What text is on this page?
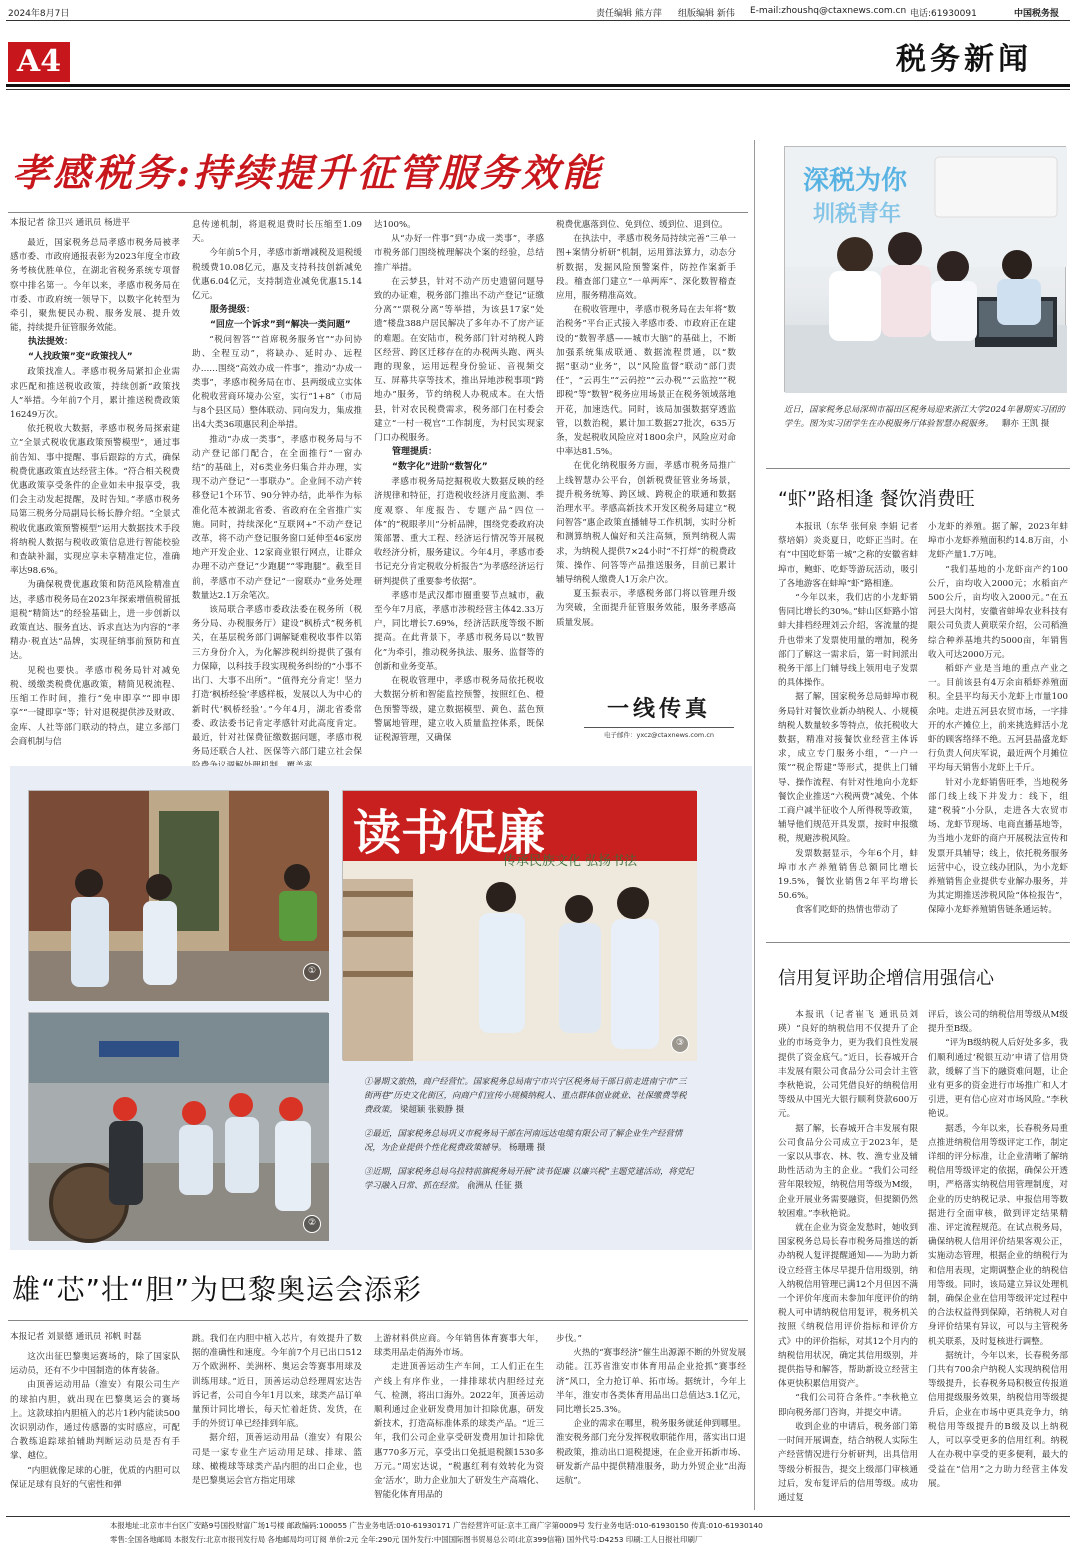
2024年8月7日	责任编辑 熊方萍 组版编辑 新伟 E-mail:zhoushq@ctaxnews.com.cn 电话:61930091	中国税务报
A4	税务新闻
孝感税务:持续提升征管服务效能
本报记者 徐卫兴 通讯员 杨进平

最近，国家税务总局孝感市税务局被孝感市委、市政府通报表彰为2023年度全市政务考核优胜单位，在湖北省税务系统专项督察中排名第一。今年以来，孝感市税务局在市委、市政府统一领导下，以数字化转型为牵引，聚焦便民办税、服务发展、提升效能，持续提升征管服务效能。

执法提效：

“人找政策”变“政策找人”

政策找准人。孝感市税务局紧扣企业需求匹配和推送税收政策，持续创新“政策找人”举措。今年前7个月，累计推送税费政策16249万次。

依托税收大数据，孝感市税务局探索建立“全景式税收优惠政策预警模型”，通过事前告知、事中提醒、事后跟踪的方式，确保税费优惠政策直达经营主体。“符合相关税费优惠政策享受条件的企业如未申报享受，我们会主动发起提醒，及时告知。”孝感市税务局第三税务分局副局长杨长静介绍。“全景式税收优惠政策预警模型”运用大数据技术手段将纳税人数据与税收政策信息进行智能校验和查缺补漏，实现应享未享精准定位，准确率达98.6%。

为确保税费优惠政策和防范风险精准直达，孝感市税务局在2023年探索增值税留抵退税“精简达”的经验基础上，进一步创新以政策直达、服务直达、诉求直达为内容的“孝精办·税直达”品牌，实现征纳事前预防和直达。

见税也要快。孝感市税务局针对减免税、缓缴类税费优惠政策，精简见税流程、压缩工作时间，推行“免申即享”“即申即享”“一键即享”等；针对退税提供涉及财政、金库、人社等部门联动的特点，建立多部门会商机制与信

息传递机制，将退税退费时长压缩至1.09天。

今年前5个月，孝感市新增减税及退税缓税缓费10.08亿元，惠及支持科技创新减免优惠6.04亿元，支持制造业减免优惠15.14亿元。

服务提级：

“回应一个诉求”到“解决一类问题”

“税问智答”“首席税务服务官”“办问协助、全程互动”，将缺办、延时办、远程办……围绕“高效办成一件事”，推动“办成一类事”，孝感市税务局在市、县两级成立实体化税收营商环境办公室，实行“1+8”（市局与8个县区局）整体联动、同向发力，集成推出4大类36项惠民利企举措。

推动“办成一类事”，孝感市税务局与不动产登记部门配合，在全面推行“一窗办结”的基础上，对6类业务归集合并办理，实现不动产登记“一事联办”。企业间不动产转移登记1个环节、90分钟办结，此举作为标准化范本被湖北省委、省政府在全省推广实施。同时，持续深化“互联网+”不动产登记改革，将不动产登记服务窗口延伸至46家房地产开发企业、12家商业银行网点，让群众办理不动产登记“少跑腿”“零跑腿”。截至目前，孝感市不动产登记“一窗联办”业务处理数量达2.1万余笔次。

该局联合孝感市委政法委在税务所（税务分局、办税服务厅）建设“枫桥式”税务机关，在基层税务部门调解疑难税收事件以第三方身份介入，为化解涉税纠纷提供了强有力保障，以科技手段实现税务纠纷的“小事不出门、大事不出所”。“值得充分肯定！坚力打造‘枫桥经验’孝感样板，发展以人为中心的新时代‘枫桥经验’。”今年4月，湖北省委常委、政法委书记肯定孝感针对此高度肯定。最近，针对社保费征缴数据问题，孝感市税务局还联合人社、医保等六部门建立社会保

达100%。

从“办好一件事”到“办成一类事”，孝感市税务部门围绕梳理解决个案的经验，总结推广举措。

在云梦县，针对不动产历史遗留问题导致的办证难，税务部门推出不动产登记“证缴分离”“票税分离”等举措，为该县17家“处遗”楼盘388户居民解决了多年办不了房产证的难题。在安陆市，税务部门针对纳税人跨区经营、跨区迁移存在的办税两头跑、两头跑的现象，运用远程身份验证、音视频交互、屏幕共享等技术，推出异地涉税事项“跨地办”服务，节约纳税人办税成本。在大悟县，针对农民税费需求，税务部门在村委会建立“一村一税官”工作制度，为村民实现家门口办税服务。

管理提质：

“数字化”进阶“数智化”

孝感市税务局挖掘税收大数据反映的经济规律和特征，打造税收经济月度监测、季度观察、年度报告、专题产品“四位一体”的“税眼孝川”分析品牌，围绕党委政府决策部署、重大工程、经济运行情况等开展税收经济分析，服务建议。今年4月，孝感市委书记充分肯定税收分析报告“为孝感经济运行研判提供了重要参考依据”。

孝感市是武汉都市圈重要节点城市，截至今年7月底，孝感市涉税经营主体42.33万户，同比增长7.69%，经济活跃度等级不断提高。在此背景下，孝感市税务局以“数智化”为牵引，推动税务执法、服务、监督等的创新和业务变革。

在税收管理中，孝感市税务局依托税收大数据分析和智能监控预警，按照红色、橙色预警等级，建立数据模型、黄色、蓝色预警属地管理，建立收入质量监控体系，既保证税源管理，又确保

税费优惠落到位、免到位、缓到位、退到位。

在执法中，孝感市税务局持续完善“三单一图+案情分析研”机制，运用算法算力，动态分析数据，发掘风险预警案件，防控作案新手段。稽查部门建立“一单两库”、深化数智稽查应用，服务精准高效。

在税收管理中，孝感市税务局在去年将“数治税务”平台正式接入孝感市委、市政府正在建设的“数智孝感——城市大脑”的基础上，不断加强系统集成联通、数据流程贯通，以“数据”驱动“业务”，以“风险监督”联动“部门责任”，“云再生”“云码控”“云办税”“云监控”“税即税”等“数智”税务应用场景正在税务领域落地开花，加速迭代。同时，该局加强数据穿透监管，以数治税，累计加工数据27批次，635万条，发起税收风险应对1800余户，风险应对命中率达81.5%。

在优化纳税服务方面，孝感市税务局推广上线智慧办公平台，创新税费征管业务场景，提升税务统筹、跨区域、跨税企的联通和数据治理水平。孝感高新技术开发区税务局建立“税问智答”惠企政策直播辅导工作机制，实时分析和测算纳税人偏好和关注高频，预判纳税人需求，为纳税人提供7×24小时“不打烊”的税费政策、操作、问答等产品推送服务，目前已累计辅导纳税人缴费人1万余户次。

夏玉振表示，孝感税务部门将以管理升级为突破，全面提升征管服务效能，服务孝感高质量发展。

一线传真
电子邮件：yxcz@ctaxnews.com.cn
深税为你
圳税青年
近日，国家税务总局深圳市福田区税务局迎来浙江大学2024年暑期实习团的学生。图为实习团学生在办税服务厅体验智慧办税服务。 聊亦 王凯 摄
“虾”路相逢 餐饮消费旺

本报讯（东华 张何泉 李娟 记者蔡培娟）炎炎夏日，吃虾正当时。在有“中国吃虾第一城”之称的安徽省蚌埠市，鲍虾、吃虾等游玩活动，吸引了各地游客在蚌埠“虾”路相逢。

“今年以来，我们店的小龙虾销售同比增长约30%。”蚌山区虾路小馆蚌大排档经理刘云介绍，客流量的提升也带来了发票使用量的增加，税务部门了解这一需求后，第一时间派出税务干部上门辅导线上领用电子发票的具体操作。

据了解，国家税务总局蚌埠市税务局针对餐饮业新办纳税人、小规模纳税人数量较多等特点，依托税收大数据，精准对接餐饮业经营主体诉求，成立专门服务小组，“一户一策”“税企帮建”等形式，提供上门辅导、操作流程、有针对性地向小龙虾餐饮企业推送“六税两费”减免、个体工商户减半征收个人所得税等政策，辅导他们规范开具发票，按时申报缴税，规避涉税风险。

发票数据显示，今年6个月，蚌埠市水产养殖销售总额同比增长19.5%，餐饮业销售2年平均增长50.6%。

食客们吃虾的热情也带动了

小龙虾的养殖。据了解，2023年蚌埠市小龙虾养殖面积约14.8万亩，小龙虾产量1.7万吨。

“我们基地的小龙虾亩产约100公斤，亩均收入2000元；水稻亩产500公斤，亩均收入2000元。”在五河县大岗村，安徽省蚌埠农业科技有限公司负责人黄联荣介绍，公司稻渔综合种养基地共约5000亩，年销售收入可达2000万元。

稻虾产业是当地的重点产业之一。目前该县有4万余亩稻虾养殖面积。全县平均每天小龙虾上市量100余吨。走进五河县农贸市场，一字排开的水产摊位上，前来挑选鲜活小龙虾的顾客络绎不绝。五河县晶盛龙虾行负责人何庆军说，最近两个月摊位平均每天销售小龙虾上千斤。

针对小龙虾销售旺季，当地税务部门线上线下并发力：线下，组建“税骑”小分队，走进各大农贸市场、龙虾节现场、电商直播基地等，为当地小龙虾的商户开展税法宣传和发票开具辅导；线上，依托税务服务运营中心，设立线办团队，为小龙虾养殖销售企业提供专业解办服务，并为其定期推送涉税风险“体检报告”，保障小龙虾养殖销售链条通运转。

信用复评助企增信用强信心

本报讯（记者崔飞 通讯员刘瑛）“良好的纳税信用不仅提升了企业的市场竞争力，更为我们良性发展提供了资金底气。”近日，长春城开合丰发展有限公司食品分公司会计主管李秋艳说，公司凭借良好的纳税信用等级从中国光大银行顺利贷款600万元。

据了解，长春城开合丰发展有限公司食品分公司成立于2023年，是一家以从事农、林、牧、渔专业及辅助性活动为主的企业。“我们公司经营年限较短，纳税信用等级为M级，企业开展业务需要融资，但提额仍然较困难。”李秋艳说。

就在企业为资金发愁时，她收到国家税务总局长春市税务局推送的新办纳税人复评提醒通知——为助力新设立经营主体尽早提升信用级别，纳入纳税信用管理已满12个月但因不满一个评价年度而未参加年度评价的纳税人可申请纳税信用复评，税务机关按照《纳税信用评价指标和评价方式》中的评价指标，对其12个月内的纳税信用状况，确定其信用级别，并提供指导和解答，帮助新设立经营主体更快积累信用资产。

“我们公司符合条件。”李秋艳立即向税务部门咨询，并提交申请。

收到企业的申请后，税务部门第一时间开展调查，结合纳税人实际生产经营情况进行分析研判，出具信用等级分析报告，提交上级部门审核通过后，发布复评后的信用等级。成功通过复

评后，该公司的纳税信用等级从M级提升至B级。

“评为B级纳税人后好处多多，我们顺利通过‘税银互动’申请了信用贷款，缓解了当下的融资难问题，让企业有更多的资金进行市场推广和人才引进，更有信心应对市场风险。”李秋艳说。

据悉，今年以来，长春税务局重点推进纳税信用等级评定工作，制定详细的评分标准，让企业清晰了解纳税信用等级评定的依据，确保公开透明，严格落实纳税信用管理制度，对企业的历史纳税记录、申报信用等数据进行全面审核，做到评定结果精准、评定流程规范。在试点税务局，确保纳税人信用评价结果客观公正，实施动态管理，根据企业的纳税行为和信用表现，定期调整企业的纳税信用等级。同时，该局建立异议处理机制，确保企业在信用等级评定过程中的合法权益得到保障，若纳税人对自身评价结果有异议，可以与主管税务机关联系，及时复核进行调整。

据统计，今年以来，长春税务部门共有700余户纳税人实现纳税信用等级提升，长春税务局积极宣传报道信用提级服务效果，纳税信用等级提升后，企业在市场中更具竞争力，纳税信用等级提升的B级及以上纳税人，可以享受更多的信用红利。纳税人在办税中享受的更多便利，最大的受益在“信用”之力助力经营主体发展。

①
②
读书促廉
传承民族文化 弘扬书法
③

①暑期文旅热，商户经营忙。国家税务总局南宁市兴宁区税务局干部日前走进南宁市“三街两巷”历史文化街区，向商户们宣传小规模纳税人、重点群体创业就业、社保缴费等税费政策。 梁超颖 张毅静 摄

②最近，国家税务总局巩义市税务局干部在河南远达电缆有限公司了解企业生产经营情况，为企业提供个性化税费政策辅导。 杨珊珊 摄

③近期，国家税务总局乌拉特前旗税务局开展“读书促廉 以廉兴税”主题党建活动，将党纪学习融入日常、抓在经常。 俞洲从 任征 摄

雄“芯”壮“胆”为巴黎奥运会添彩
本报记者 刘景德 通讯员 祁帆 时磊

这次出征巴黎奥运赛场的，除了国家队运动员，还有不少中国制造的体育装备。

由顶善运动用品（淮安）有限公司生产的球拍内胆，就出现在巴黎奥运会的赛场上。这款球拍内胆植入的芯片1秒内能读500次识别动作，通过传感器的实时感应，可配合教练追踪球拍辅助判断运动员是否有手掌、越位。

“内胆就像足球的心脏，优质的内胆可以保证足球有良好的气密性和弹

跳。我们在内胆中植入芯片，有效提升了数据的准确性和速度。今年前7个月已出口512万个欧洲杯、美洲杯、奥运会等赛事用球及训练用球。”近日，顶善运动总经理周宏达告诉记者，公司自今年1月以来，球类产品订单量预计同比增长，每天忙着赶货、发货，在手的外贸订单已经排到年底。

据介绍，顶善运动用品（淮安）有限公司是一家专业生产运动用足球、排球、篮球、橄榄球等球类产品内胆的出口企业，也是巴黎奥运会官方指定用球

上游材料供应商。今年销售体育赛事大年，球类用品走俏海外市场。

走进顶善运动生产车间，工人们正在生产线上有序作业，一排排球状内胆经过充气、检测，将出口海外。2022年，顶善运动顺利通过企业研发费用加计扣除优惠，研发新技术，打造高标准体系的球类产品。“近三年，我们公司企业享受研发费用加计扣除优惠770多万元，享受出口免抵退税额1530多万元。”周宏达说，“税惠红利有效转化为资金‘活水’，助力企业加大了研发生产高端化、智能化体育用品的

步伐。”

火热的“赛事经济”催生出源源不断的外贸发展动能。江苏省淮安市体育用品企业抢抓“赛事经济”风口，全力抢订单、拓市场。据统计，今年上半年，淮安市各类体育用品出口总值达3.1亿元，同比增长25.3%。

企业的需求在哪里，税务服务就延伸到哪里。淮安税务部门充分发挥税收职能作用，落实出口退税政策，推动出口退税提速，在企业开拓新市场、研发新产品中提供精准服务，助力外贸企业“出海远航”。

本报地址:北京市丰台区广安路9号国投财富广场1号楼 邮政编码:100055 广告业务电话:010-61930171 广告经营许可证:京丰工商广字第0009号 发行业务电话:010-61930150 传真:010-61930140
零售:全国各地邮局 本报发行:北京市报刊发行局 各地邮局均可订阅 单价:2元 全年:290元 国外发行:中国国际图书贸易总公司(北京399信箱) 国外代号:D4253 印刷:工人日报社印刷厂
